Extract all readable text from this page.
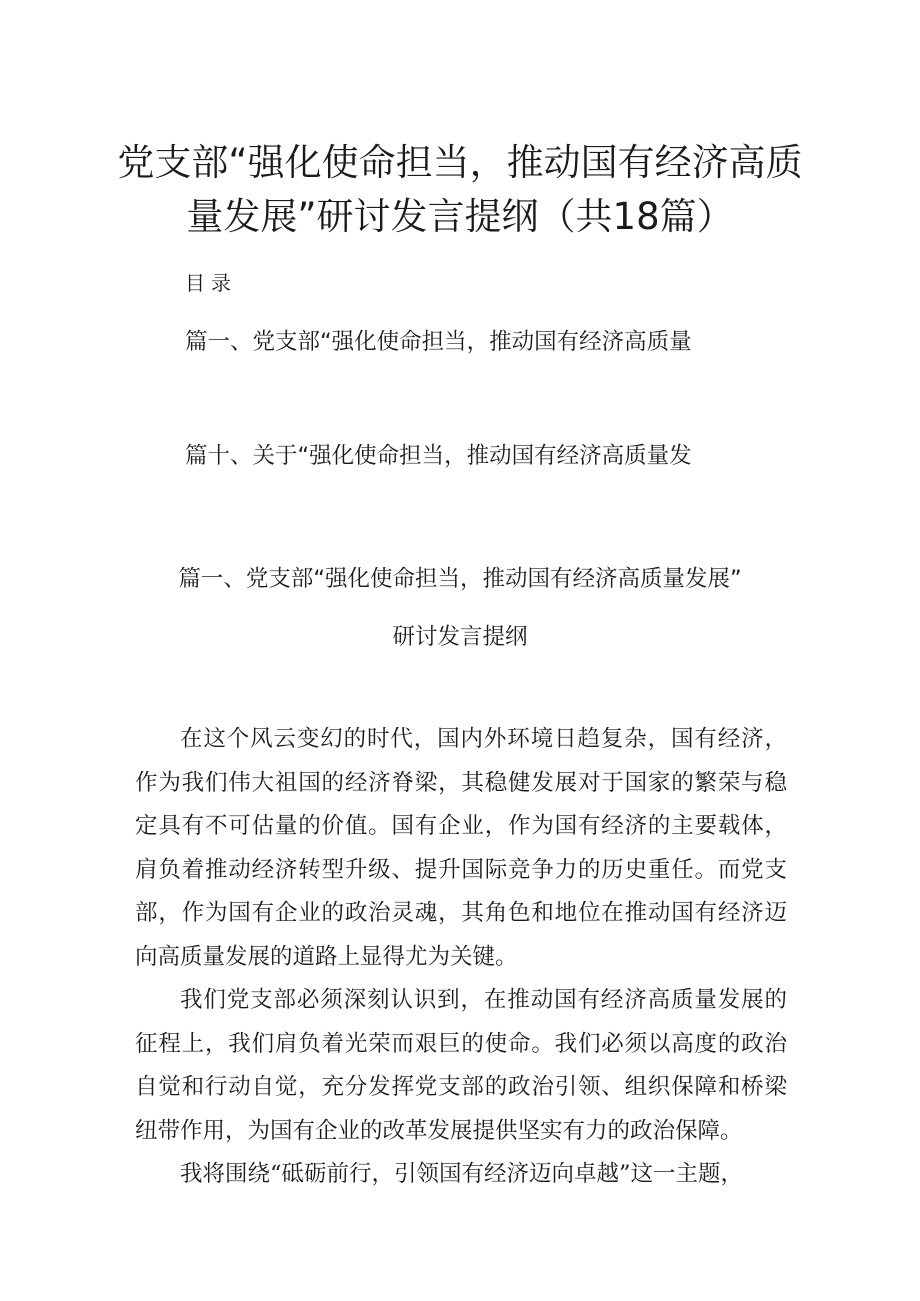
党支部“强化使命担当，推动国有经济高质量发展”研讨发言提纲（共18篇）
目录
篇一、党支部“强化使命担当，推动国有经济高质量
篇十、关于“强化使命担当，推动国有经济高质量发
篇一、党支部“强化使命担当，推动国有经济高质量发展”
研讨发言提纲

在这个风云变幻的时代，国内外环境日趋复杂，国有经济，作为我们伟大祖国的经济脊梁，其稳健发展对于国家的繁荣与稳定具有不可估量的价值。国有企业，作为国有经济的主要载体，肩负着推动经济转型升级、提升国际竞争力的历史重任。而党支部，作为国有企业的政治灵魂，其角色和地位在推动国有经济迈向高质量发展的道路上显得尤为关键。

我们党支部必须深刻认识到，在推动国有经济高质量发展的征程上，我们肩负着光荣而艰巨的使命。我们必须以高度的政治自觉和行动自觉，充分发挥党支部的政治引领、组织保障和桥梁纽带作用，为国有企业的改革发展提供坚实有力的政治保障。

我将围绕“砥砺前行，引领国有经济迈向卓越”这一主题，
